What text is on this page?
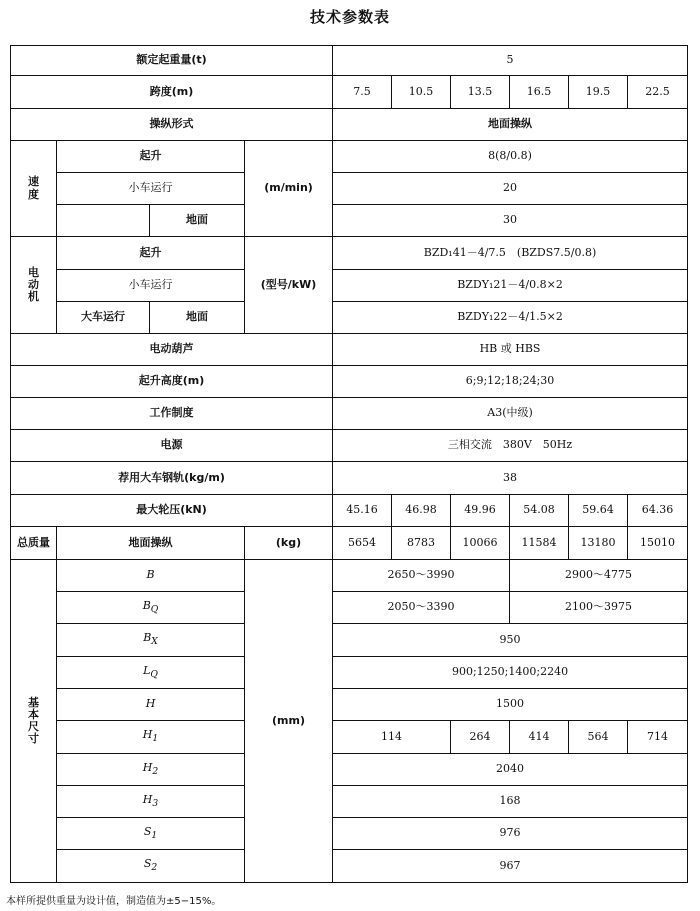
技术参数表
额定起重量(t)				5					
跨度(m)				7.5	10.5	13.5	16.5	19.5	22.5
操纵形式				地面操纵					
速度	起升		(m/min)	8(8/0.8)					
	小车运行			20					
		地面		30					
电动机	起升		(型号/kW)	BZD₁41－4/7.5　(BZDS7.5/0.8)					
	小车运行			BZDY₁21－4/0.8×2					
	大车运行	地面		BZDY₁22－4/1.5×2					
电动葫芦				HB 或 HBS					
起升高度(m)				6;9;12;18;24;30					
工作制度				A3(中级)					
电源				三相交流　380V　50Hz					
荐用大车钢轨(kg/m)				38					
最大轮压(kN)				45.16	46.98	49.96	54.08	59.64	64.36
总质量	地面操纵		(kg)	5654	8783	10066	11584	13180	15010
基本尺寸	B		(mm)	2650～3990			2900～4775		
	$B_Q$			2050～3390			2100～3975		
	$B_X$			950					
	$L_Q$			900;1250;1400;2240					
	H			1500					
	$H_1$			114		264	414	564	714
	$H_2$			2040					
	$H_3$			168					
	$S_1$			976					
	$S_2$			967					
本样所提供重量为设计值，制造值为±5−15%。
